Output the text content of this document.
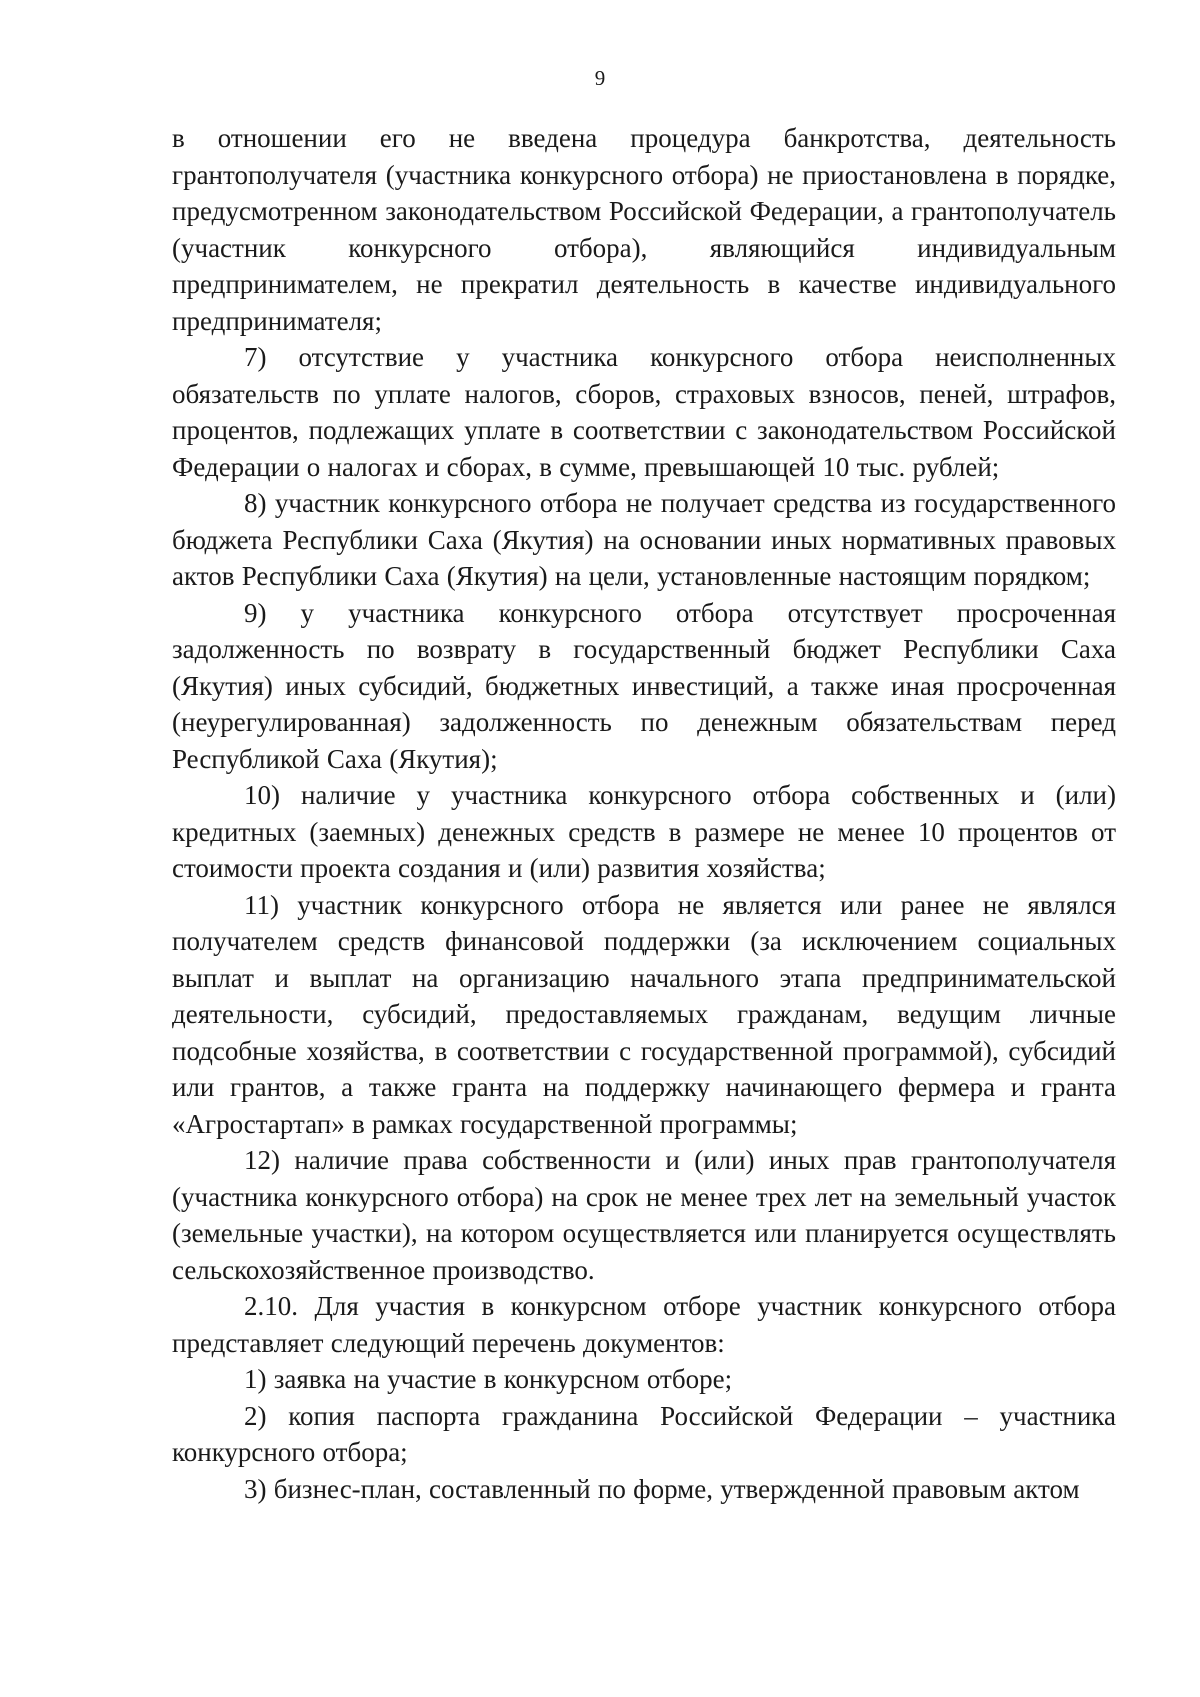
9

в отношении его не введена процедура банкротства, деятельность грантополучателя (участника конкурсного отбора) не приостановлена в порядке, предусмотренном законодательством Российской Федерации, а грантополучатель (участник конкурсного отбора), являющийся индивидуальным предпринимателем, не прекратил деятельность в качестве индивидуального предпринимателя;

7) отсутствие у участника конкурсного отбора неисполненных обязательств по уплате налогов, сборов, страховых взносов, пеней, штрафов, процентов, подлежащих уплате в соответствии с законодательством Российской Федерации о налогах и сборах, в сумме, превышающей 10 тыс. рублей;

8) участник конкурсного отбора не получает средства из государственного бюджета Республики Саха (Якутия) на основании иных нормативных правовых актов Республики Саха (Якутия) на цели, установленные настоящим порядком;

9) у участника конкурсного отбора отсутствует просроченная задолженность по возврату в государственный бюджет Республики Саха (Якутия) иных субсидий, бюджетных инвестиций, а также иная просроченная (неурегулированная) задолженность по денежным обязательствам перед Республикой Саха (Якутия);

10) наличие у участника конкурсного отбора собственных и (или) кредитных (заемных) денежных средств в размере не менее 10 процентов от стоимости проекта создания и (или) развития хозяйства;

11) участник конкурсного отбора не является или ранее не являлся получателем средств финансовой поддержки (за исключением социальных выплат и выплат на организацию начального этапа предпринимательской деятельности, субсидий, предоставляемых гражданам, ведущим личные подсобные хозяйства, в соответствии с государственной программой), субсидий или грантов, а также гранта на поддержку начинающего фермера и гранта «Агростартап» в рамках государственной программы;

12) наличие права собственности и (или) иных прав грантополучателя (участника конкурсного отбора) на срок не менее трех лет на земельный участок (земельные участки), на котором осуществляется или планируется осуществлять сельскохозяйственное производство.

2.10. Для участия в конкурсном отборе участник конкурсного отбора представляет следующий перечень документов:

1) заявка на участие в конкурсном отборе;

2) копия паспорта гражданина Российской Федерации – участника конкурсного отбора;

3) бизнес-план, составленный по форме, утвержденной правовым актом
